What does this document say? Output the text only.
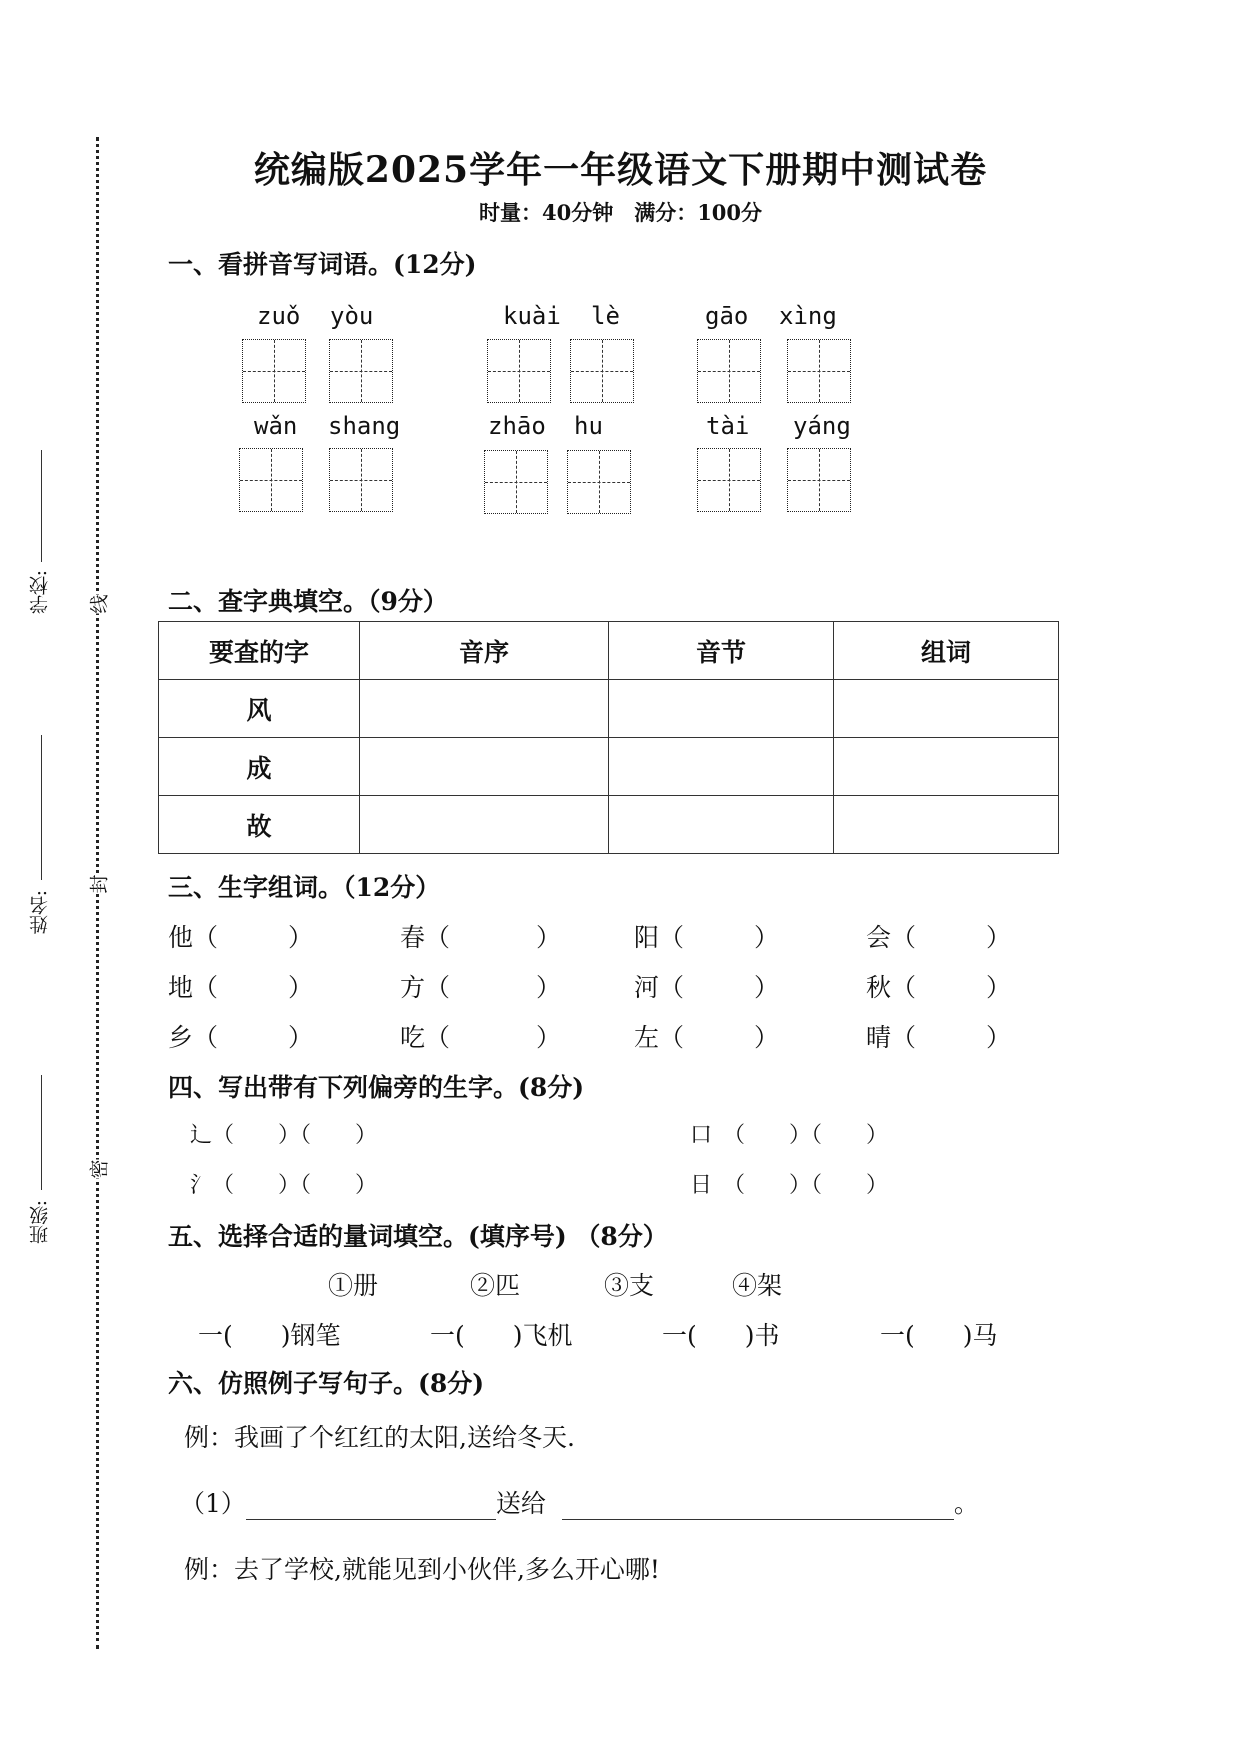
线
封
密
学校:
姓名:
班级:
统编版2025学年一年级语文下册期中测试卷
时量：40分钟　满分：100分
一、看拼音写词语。(12分)
zuǒ yòu	kuài lè	gāo xìng
wǎn shang	zhāo hu	tài yáng
二、查字典填空。（9分）
要查的字	音序	音节	组词
风			
成			
故			
三、生字组词。（12分）
他（	）	春（	）	阳（	）	会（	）
地（	）	方（	）	河（	）	秋（	）
乡（	）	吃（	）	左（	）	晴（	）
四、写出带有下列偏旁的生字。(8分)
辶（ ）（ ）
氵（ ）（ ）
口　（ ）（ ）
日　（ ）（ ）
五、选择合适的量词填空。(填序号) （8分）
①册	②匹	③支	④架
一( )钢笔	一( )飞机	一( )书	一( )马
六、仿照例子写句子。(8分)
例：我画了个红红的太阳,送给冬天.
（1）	送给	。
例：去了学校,就能见到小伙伴,多么开心哪!
